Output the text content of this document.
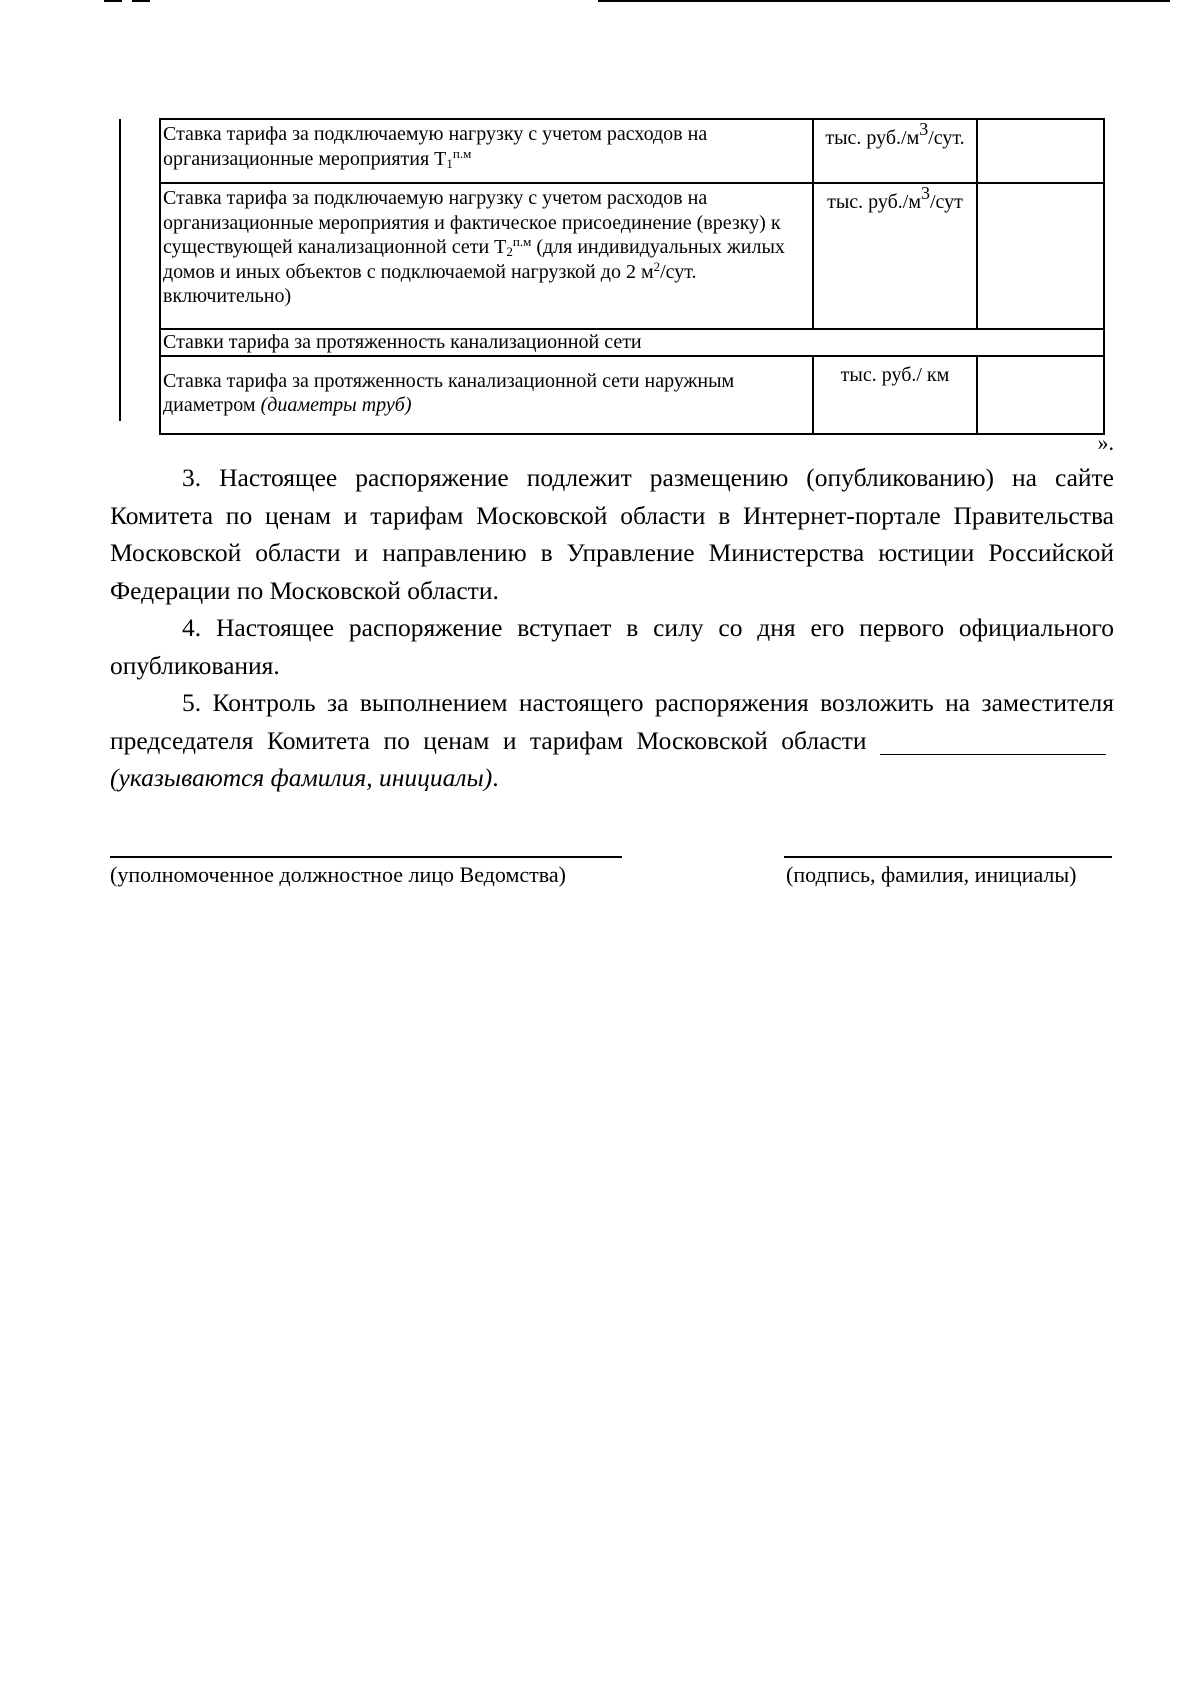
Ставка тарифа за подключаемую нагрузку с учетом расходов на организационные мероприятия $Т_1^{п.м}$	тыс. $руб./м^3$/сут.	
Ставка тарифа за подключаемую нагрузку с учетом расходов на организационные мероприятия и фактическое присоединение (врезку) к существующей канализационной сети $Т_2^{п.м}$ (для индивидуальных жилых домов и иных объектов с подключаемой нагрузкой до 2 $м^2$/сут. включительно)	тыс. $руб./м^3$/сут	
Ставки тарифа за протяженность канализационной сети		
Ставка тарифа за протяженность канализационной сети наружным диаметром (диаметры труб)	тыс. руб./ км	
».
3. Настоящее распоряжение подлежит размещению (опубликованию) на сайте Комитета по ценам и тарифам Московской области в Интернет-портале Правительства Московской области и направлению в Управление Министерства юстиции Российской Федерации по Московской области.
4. Настоящее распоряжение вступает в силу со дня его первого официального опубликования.
5. Контроль за выполнением настоящего распоряжения возложить на заместителя председателя Комитета по ценам и тарифам Московской области (указываются фамилия, инициалы).
(уполномоченное должностное лицо Ведомства)	(подпись, фамилия, инициалы)
